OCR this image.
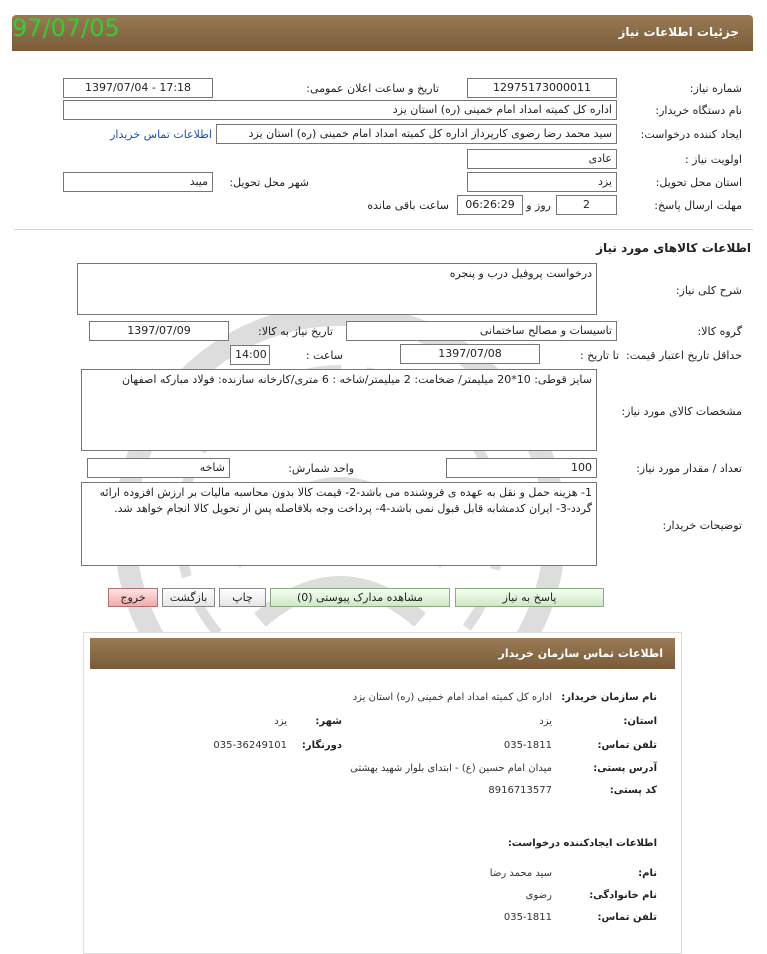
جزئیات اطلاعات نیاز
97/07/05
شماره نیاز:
12975173000011
تاریخ و ساعت اعلان عمومی:
1397/07/04 - 17:18
نام دستگاه خریدار:
اداره کل کمیته امداد امام خمینی (ره) استان یزد
ایجاد کننده درخواست:
سید محمد رضا رضوی کارپرداز اداره کل کمیته امداد امام خمینی (ره) استان یزد
اطلاعات تماس خریدار
اولویت نیاز :
عادی
استان محل تحویل:
یزد
شهر محل تحویل:
میبد
مهلت ارسال پاسخ:
2
روز و
06:26:29
ساعت باقی مانده
اطلاعات کالاهای مورد نیاز
شرح کلی نیاز:
درخواست پروفیل درب و پنجره
گروه کالا:
تاسیسات و مصالح ساختمانی
تاریخ نیاز به کالا:
1397/07/09
حداقل تاریخ اعتبار قیمت:
تا تاریخ :
1397/07/08
ساعت :
14:00
مشخصات کالای مورد نیاز:
سایز قوطی: 10*20 میلیمتر/ ضخامت: 2 میلیمتر/شاخه : 6 متری/کارخانه سازنده: فولاد مبارکه اصفهان
تعداد / مقدار مورد نیاز:
100
واحد شمارش:
شاخه
توضیحات خریدار:
1- هزینه حمل و نقل به عهده ی فروشنده می باشد-2- قیمت کالا بدون محاسبه مالیات بر ارزش افزوده ارائه گردد-3- ایران کدمشابه قابل قبول نمی باشد-4- پرداخت وجه بلافاصله پس از تحویل کالا انجام خواهد شد.
پاسخ به نیاز
مشاهده مدارک پیوستی (0)
چاپ
بازگشت
خروج
اطلاعات تماس سازمان خریدار
نام سازمان خریدار:
اداره کل کمیته امداد امام خمینی (ره) استان یزد
استان:
یزد
شهر:
یزد
تلفن تماس:
035-1811
دورنگار:
035-36249101
آدرس پستی:
میدان امام حسین (ع) - ابتدای بلوار شهید بهشتی
کد پستی:
8916713577
اطلاعات ایجادکننده درخواست:
نام:
سید محمد رضا
نام خانوادگی:
رضوی
تلفن تماس:
035-1811
